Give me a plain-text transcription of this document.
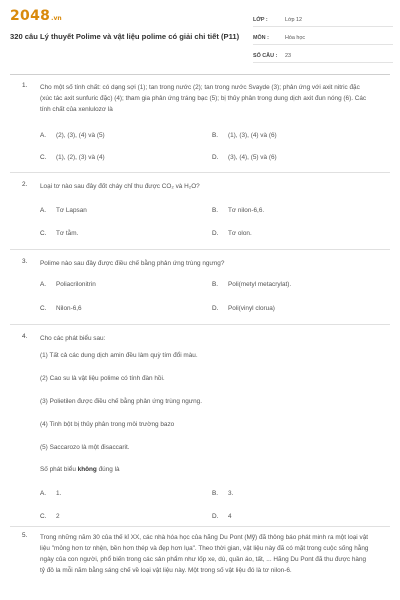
2048 .vn
320 câu Lý thuyết Polime và vật liệu polime có giải chi tiết (P11)
LỚP :	Lớp 12
MÔN :	Hóa học
SỐ CÂU :	23
1. Cho một số tính chất: có dạng sợi (1); tan trong nước (2); tan trong nước Svayde (3); phản ứng với axit nitric đặc (xúc tác axit sunfuric đặc) (4); tham gia phản ứng tráng bạc (5); bị thủy phân trong dung dịch axit đun nóng (6). Các tính chất của xenlulozơ là
A.	(2), (3), (4) và (5)	B.	(1), (3), (4) và (6)
C.	(1), (2), (3) và (4)	D.	(3), (4), (5) và (6)
2. Loại tơ nào sau đây đốt cháy chỉ thu được CO₂ và H₂O?
A.	Tơ Lapsan	B.	Tơ nilon-6,6.
C.	Tơ tằm.	D.	Tơ olon.
3. Polime nào sau đây được điều chế bằng phản ứng trùng ngưng?
A.	Poliacrilonitrin	B.	Poli(metyl metacrylat).
C.	Nilon-6,6	D.	Poli(vinyl clorua)
4. Cho các phát biểu sau:
(1) Tất cả các dung dịch amin đều làm quỳ tím đổi màu.
(2) Cao su là vật liệu polime có tính đàn hồi.
(3) Polietilen được điều chế bằng phản ứng trùng ngưng.
(4) Tinh bột bị thủy phân trong môi trường bazo
(5) Saccarozo là một đisaccarit.
Số phát biểu không đúng là
A.	1.	B.	3.
C.	2	D.	4
5. Trong những năm 30 của thế kỉ XX, các nhà hóa học của hãng Du Pont (Mỹ) đã thông báo phát minh ra một loại vật liệu "mỏng hơn tơ nhện, bền hơn thép và đẹp hơn lụa". Theo thời gian, vật liệu này đã có mặt trong cuộc sống hằng ngày của con người, phổ biến trong các sản phẩm như lốp xe, dù, quần áo, tất, ... Hãng Du Pont đã thu được hàng tỷ đô la mỗi năm bằng sáng chế về loại vật liệu này. Một trong số vật liệu đó là tơ nilon-6.
